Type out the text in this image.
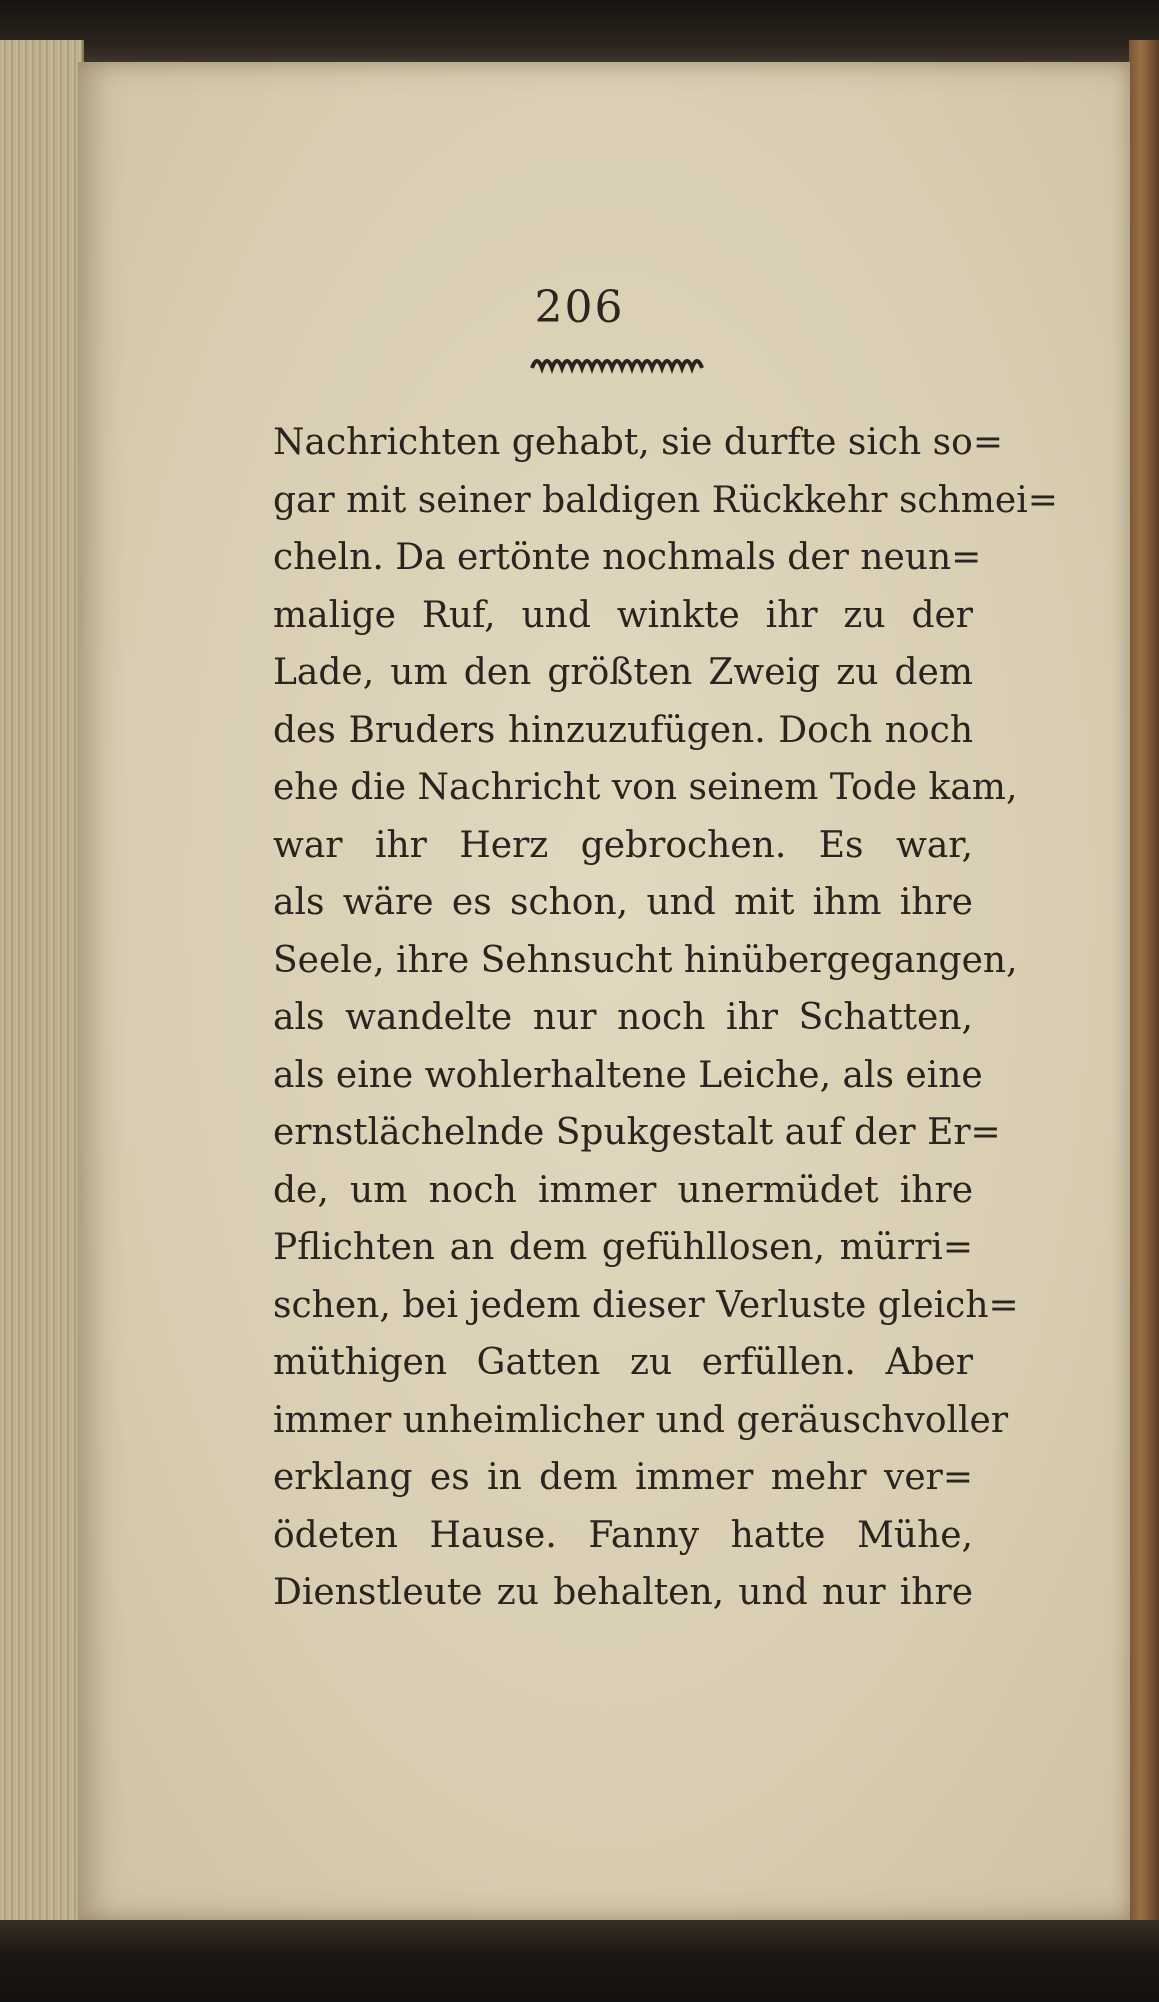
206
Nachrichten gehabt, sie durfte sich so=
gar mit seiner baldigen Rückkehr schmei=
cheln. Da ertönte nochmals der neun=
malige Ruf, und winkte ihr zu der
Lade, um den größten Zweig zu dem
des Bruders hinzuzufügen. Doch noch
ehe die Nachricht von seinem Tode kam,
war ihr Herz gebrochen. Es war,
als wäre es schon, und mit ihm ihre
Seele, ihre Sehnsucht hinübergegangen,
als wandelte nur noch ihr Schatten,
als eine wohlerhaltene Leiche, als eine
ernstlächelnde Spukgestalt auf der Er=
de, um noch immer unermüdet ihre
Pflichten an dem gefühllosen, mürri=
schen, bei jedem dieser Verluste gleich=
müthigen Gatten zu erfüllen. Aber
immer unheimlicher und geräuschvoller
erklang es in dem immer mehr ver=
ödeten Hause. Fanny hatte Mühe,
Dienstleute zu behalten, und nur ihre
